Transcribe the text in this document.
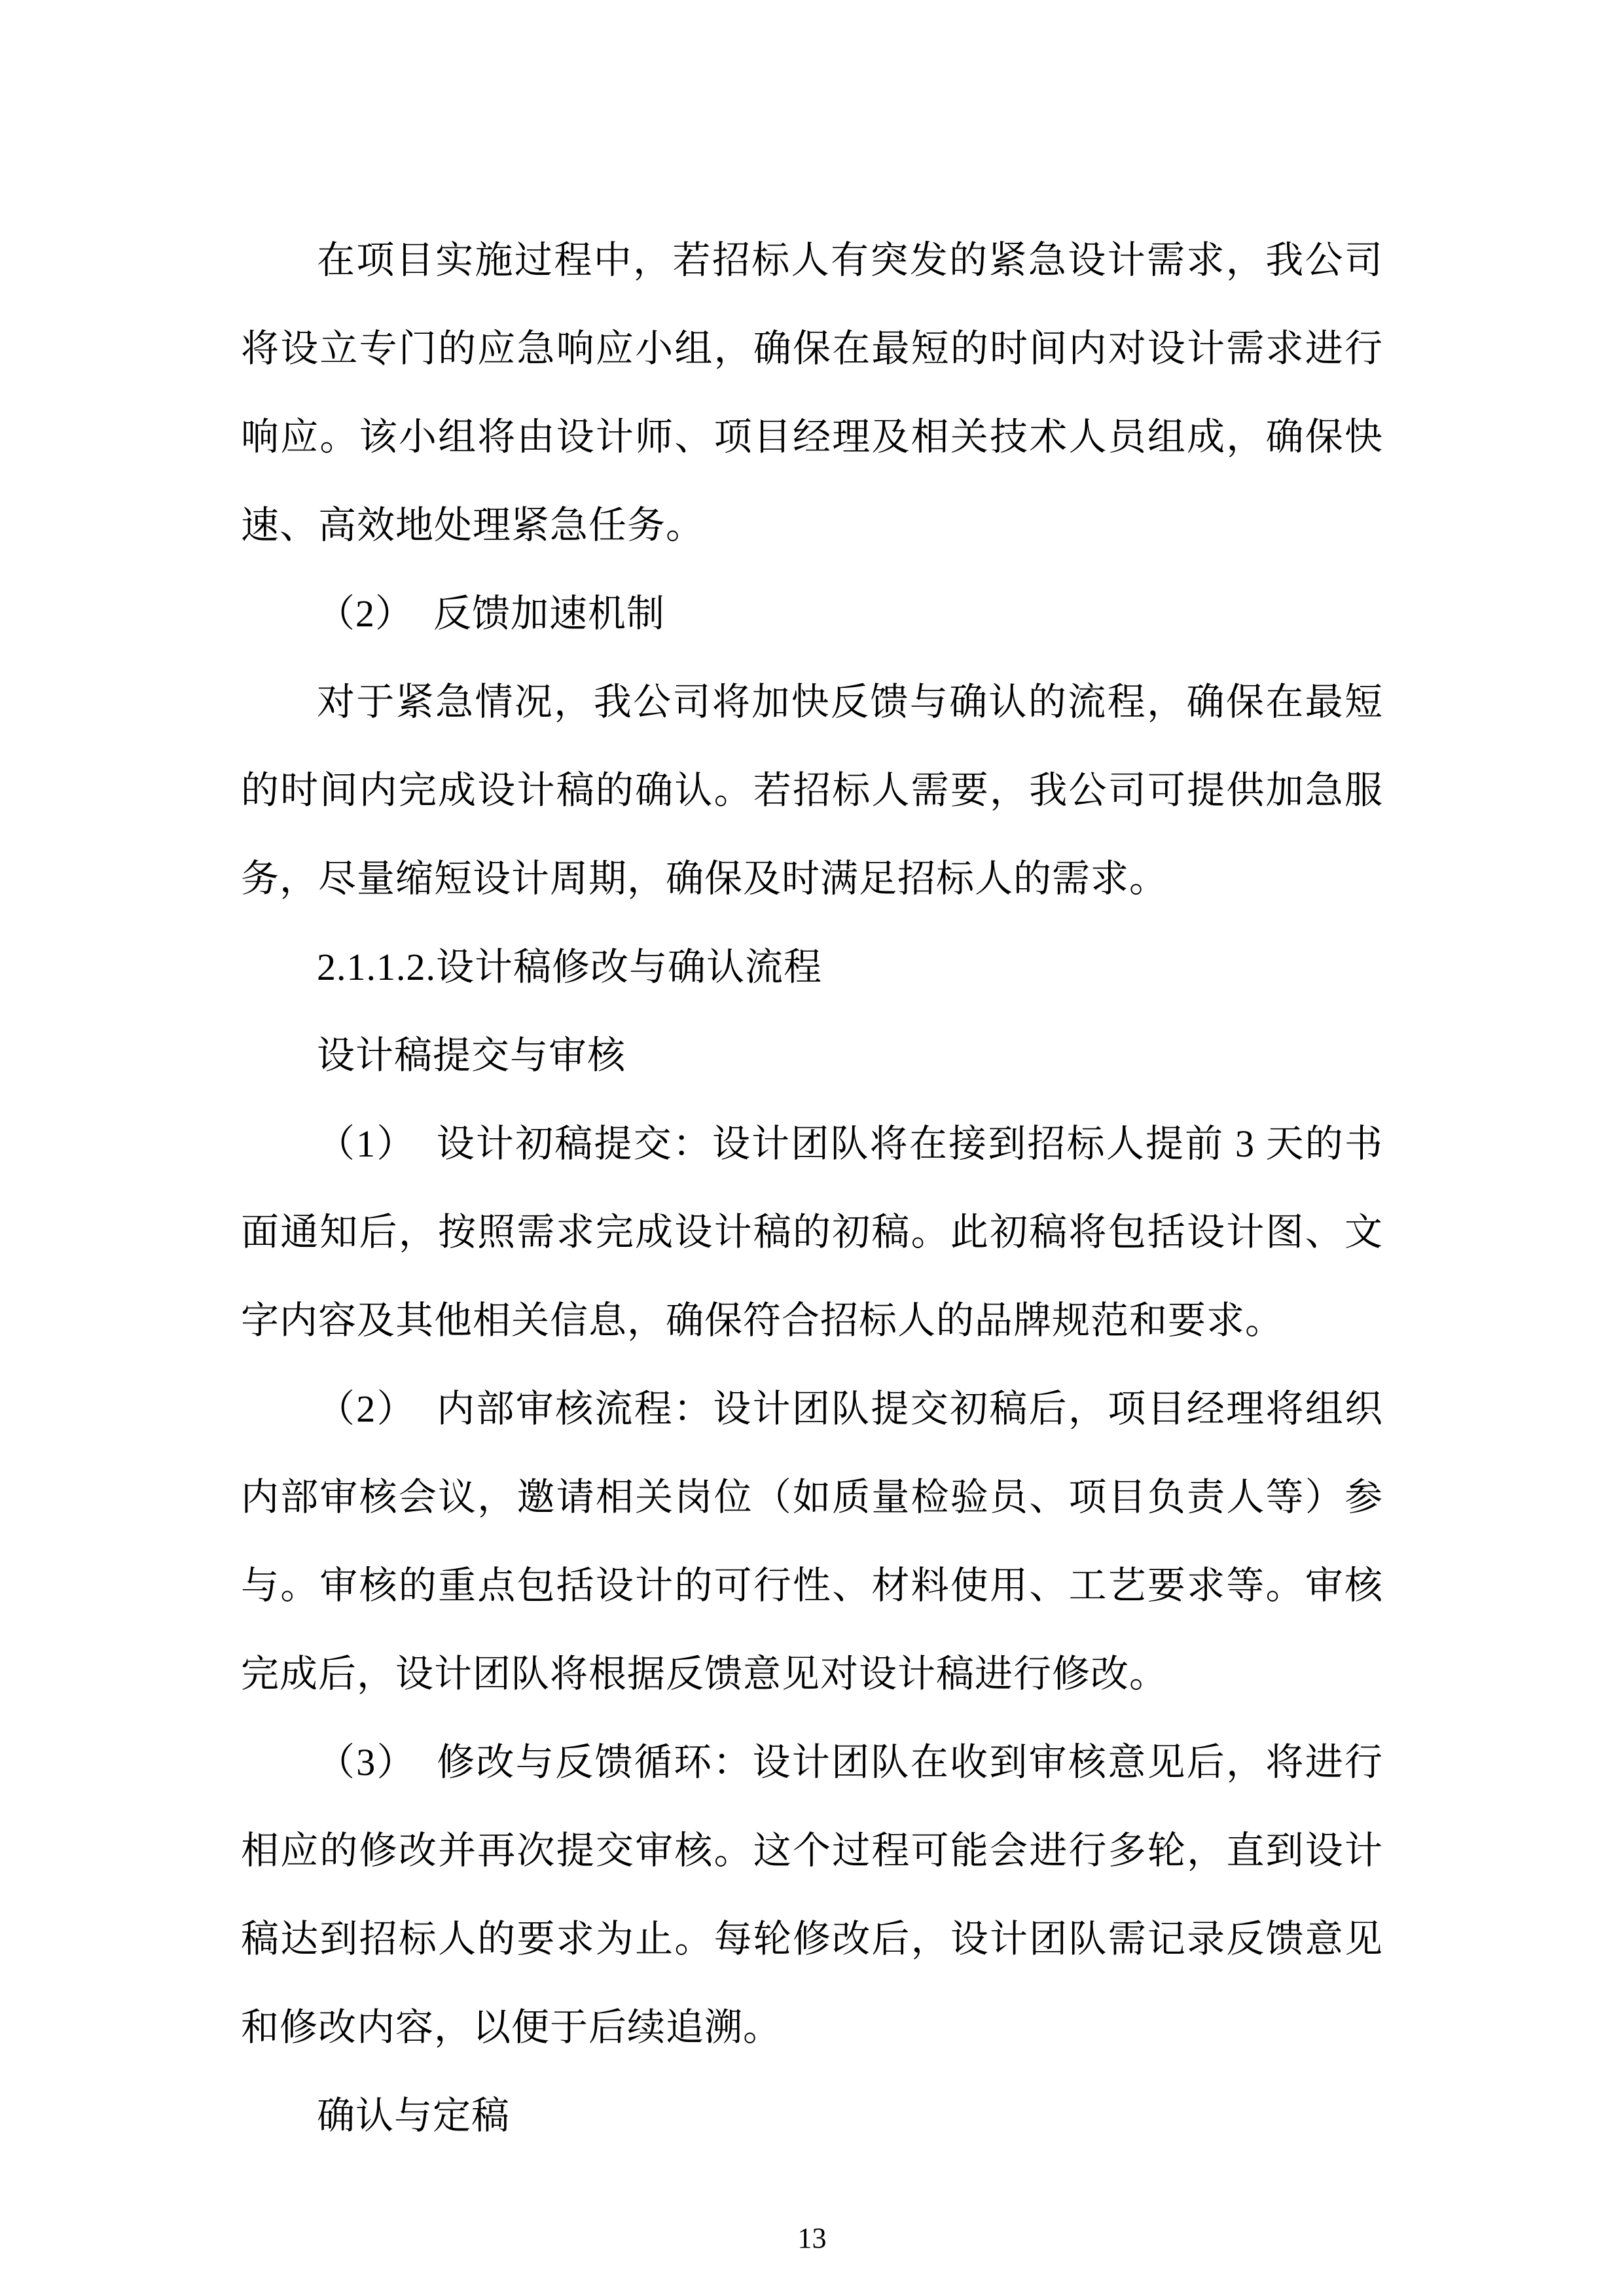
在项目实施过程中，若招标人有突发的紧急设计需求，我公司将设立专门的应急响应小组，确保在最短的时间内对设计需求进行响应。该小组将由设计师、项目经理及相关技术人员组成，确保快速、高效地处理紧急任务。

（2）　反馈加速机制

对于紧急情况，我公司将加快反馈与确认的流程，确保在最短的时间内完成设计稿的确认。若招标人需要，我公司可提供加急服务，尽量缩短设计周期，确保及时满足招标人的需求。

2.1.1.2.设计稿修改与确认流程

设计稿提交与审核

（1）　设计初稿提交：设计团队将在接到招标人提前 3 天的书面通知后，按照需求完成设计稿的初稿。此初稿将包括设计图、文字内容及其他相关信息，确保符合招标人的品牌规范和要求。

（2）　内部审核流程：设计团队提交初稿后，项目经理将组织内部审核会议，邀请相关岗位（如质量检验员、项目负责人等）参与。审核的重点包括设计的可行性、材料使用、工艺要求等。审核完成后，设计团队将根据反馈意见对设计稿进行修改。

（3）　修改与反馈循环：设计团队在收到审核意见后，将进行相应的修改并再次提交审核。这个过程可能会进行多轮，直到设计稿达到招标人的要求为止。每轮修改后，设计团队需记录反馈意见和修改内容，以便于后续追溯。

确认与定稿

13
